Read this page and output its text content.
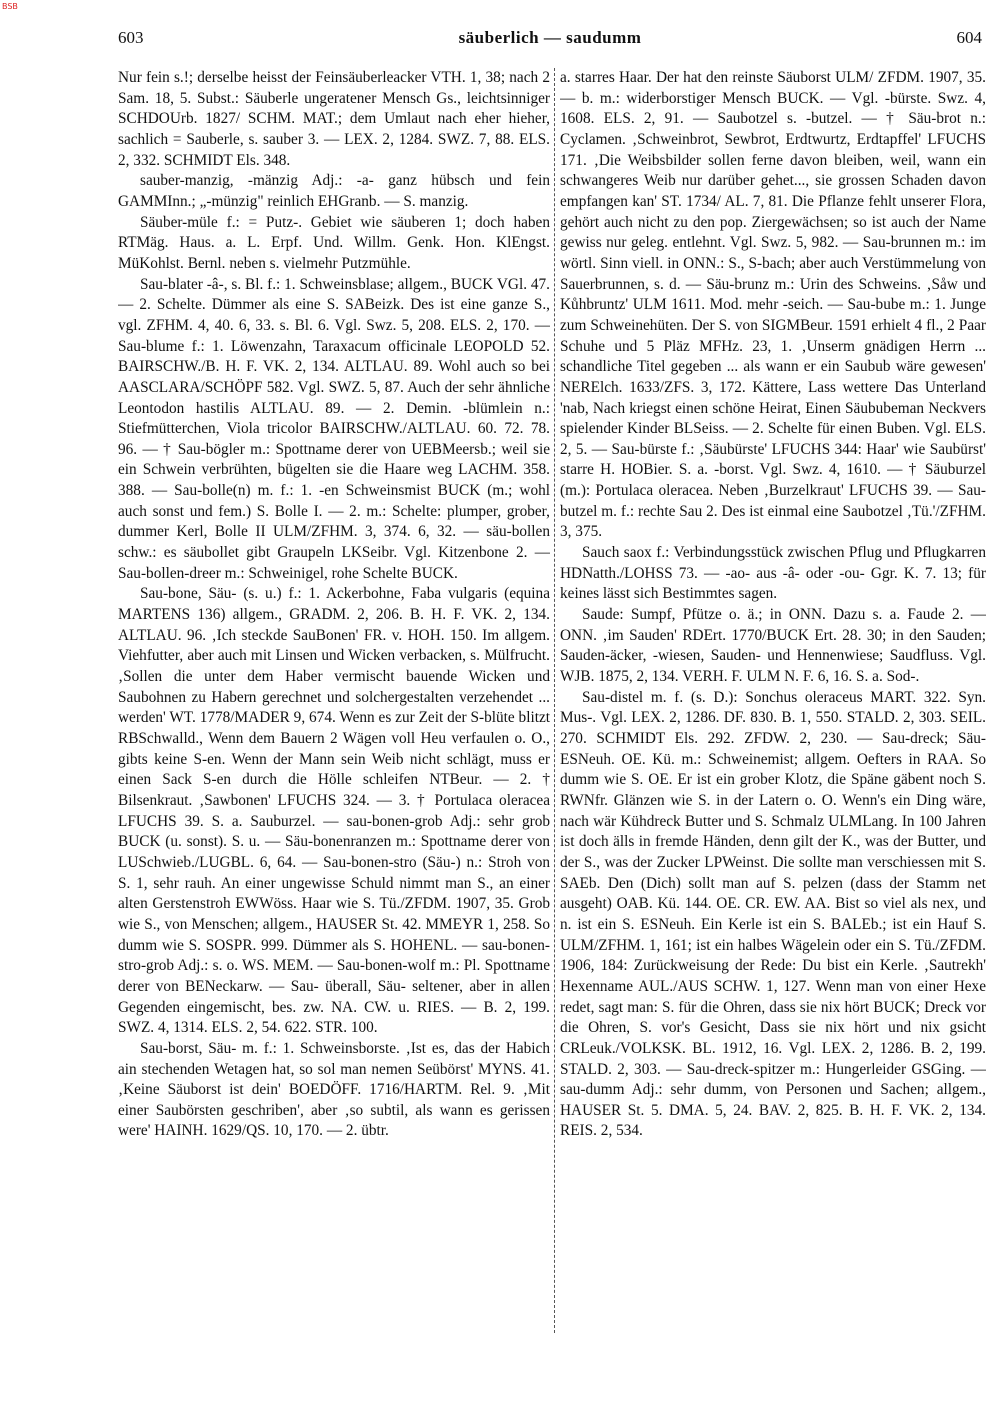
BSB
603	säuberlich — saudumm	604

Nur fein s.!; derselbe heisst der Feinsäuberleacker VTH. 1, 38; nach 2 Sam. 18, 5. Subst.: Säuberle ungeratener Mensch Gs., leichtsinniger SCHDOUrb. 1827/ SCHM. MAT.; dem Umlaut nach eher hieher, sachlich = Sauberle, s. sauber 3. — LEX. 2, 1284. SWZ. 7, 88. ELS. 2, 332. SCHMIDT Els. 348.

sauber-manzig, -mänzig Adj.: -a- ganz hübsch und fein GAMMInn.; „-münzig" reinlich EHGranb. — S. manzig.

Säuber-müle f.: = Putz-. Gebiet wie säuberen 1; doch haben RTMäg. Haus. a. L. Erpf. Und. Willm. Genk. Hon. KlEngst. MüKohlst. Bernl. neben s. vielmehr Putzmühle.

Sau-blater -â-, s. Bl. f.: 1. Schweinsblase; allgem., BUCK VGl. 47. — 2. Schelte. Dümmer als eine S. SABeizk. Des ist eine ganze S., vgl. ZFHM. 4, 40. 6, 33. s. Bl. 6. Vgl. Swz. 5, 208. ELS. 2, 170. — Sau-blume f.: 1. Löwenzahn, Taraxacum officinale LEOPOLD 52. BAIRSCHW./B. H. F. VK. 2, 134. ALTLAU. 89. Wohl auch so bei AASCLARA/SCHÖPF 582. Vgl. SWZ. 5, 87. Auch der sehr ähnliche Leontodon hastilis ALTLAU. 89. — 2. Demin. -blümlein n.: Stiefmütterchen, Viola tricolor BAIRSCHW./ALTLAU. 60. 72. 78. 96. — † Sau-bögler m.: Spottname derer von UEBMeersb.; weil sie ein Schwein verbrühten, bügelten sie die Haare weg LACHM. 358. 388. — Sau-bolle(n) m. f.: 1. -en Schweinsmist BUCK (m.; wohl auch sonst und fem.) S. Bolle I. — 2. m.: Schelte: plumper, grober, dummer Kerl, Bolle II ULM/ZFHM. 3, 374. 6, 32. — säu-bollen schw.: es säubollet gibt Graupeln LKSeibr. Vgl. Kitzenbone 2. — Sau-bollen-dreer m.: Schweinigel, rohe Schelte BUCK.

Sau-bone, Säu- (s. u.) f.: 1. Ackerbohne, Faba vulgaris (equina MARTENS 136) allgem., GRADM. 2, 206. B. H. F. VK. 2, 134. ALTLAU. 96. ‚Ich steckde SauBonen' FR. v. HOH. 150. Im allgem. Viehfutter, aber auch mit Linsen und Wicken verbacken, s. Mülfrucht. ‚Sollen die unter dem Haber vermischt bauende Wicken und Saubohnen zu Habern gerechnet und solchergestalten verzehendet ... werden' WT. 1778/MADER 9, 674. Wenn es zur Zeit der S-blüte blitzt RBSchwalld., Wenn dem Bauern 2 Wägen voll Heu verfaulen o. O., gibts keine S-en. Wenn der Mann sein Weib nicht schlägt, muss er einen Sack S-en durch die Hölle schleifen NTBeur. — 2. † Bilsenkraut. ‚Sawbonen' LFUCHS 324. — 3. † Portulaca oleracea LFUCHS 39. S. a. Sauburzel. — sau-bonen-grob Adj.: sehr grob BUCK (u. sonst). S. u. — Säu-bonenranzen m.: Spottname derer von LUSchwieb./LUGBL. 6, 64. — Sau-bonen-stro (Säu-) n.: Stroh von S. 1, sehr rauh. An einer ungewisse Schuld nimmt man S., an einer alten Gerstenstroh EWWöss. Haar wie S. Tü./ZFDM. 1907, 35. Grob wie S., von Menschen; allgem., HAUSER St. 42. MMEYR 1, 258. So dumm wie S. SOSPR. 999. Dümmer als S. HOHENL. — sau-bonen-stro-grob Adj.: s. o. WS. MEM. — Sau-bonen-wolf m.: Pl. Spottname derer von BENeckarw. — Sau- überall, Säu- seltener, aber in allen Gegenden eingemischt, bes. zw. NA. CW. u. RIES. — B. 2, 199. SWZ. 4, 1314. ELS. 2, 54. 622. STR. 100.

Sau-borst, Säu- m. f.: 1. Schweinsborste. ‚Ist es, das der Habich ain stechenden Wetagen hat, so sol man nemen Seübörst' MYNS. 41. ‚Keine Säuborst ist dein' BOEDÖFF. 1716/HARTM. Rel. 9. ‚Mit einer Saubörsten geschriben', aber ‚so subtil, als wann es gerissen were' HAINH. 1629/QS. 10, 170. — 2. übtr.

a. starres Haar. Der hat den reinste Säuborst ULM/ ZFDM. 1907, 35. — b. m.: widerborstiger Mensch BUCK. — Vgl. -bürste. Swz. 4, 1608. ELS. 2, 91. — Saubotzel s. -butzel. — † Säu-brot n.: Cyclamen. ‚Schweinbrot, Sewbrot, Erdtwurtz, Erdtapffel' LFUCHS 171. ‚Die Weibsbilder sollen ferne davon bleiben, weil, wann ein schwangeres Weib nur darüber gehet..., sie grossen Schaden davon empfangen kan' ST. 1734/ AL. 7, 81. Die Pflanze fehlt unserer Flora, gehört auch nicht zu den pop. Ziergewächsen; so ist auch der Name gewiss nur geleg. entlehnt. Vgl. Swz. 5, 982. — Sau-brunnen m.: im wörtl. Sinn viell. in ONN.: S., S-bach; aber auch Verstümmelung von Sauerbrunnen, s. d. — Säu-brunz m.: Urin des Schweins. ‚Såw und Kůhbruntz' ULM 1611. Mod. mehr -seich. — Sau-bube m.: 1. Junge zum Schweinehüten. Der S. von SIGMBeur. 1591 erhielt 4 fl., 2 Paar Schuhe und 5 Pläz MFHz. 23, 1. ‚Unserm gnädigen Herrn ... schandliche Titel gegeben ... als wann er ein Saubub wäre gewesen' NERElch. 1633/ZFS. 3, 172. Kättere, Lass wettere Das Unterland 'nab, Nach kriegst einen schöne Heirat, Einen Säububeman Neckvers spielender Kinder BLSeiss. — 2. Schelte für einen Buben. Vgl. ELS. 2, 5. — Sau-bürste f.: ‚Säubürste' LFUCHS 344: Haar' wie Saubürst' starre H. HOBier. S. a. -borst. Vgl. Swz. 4, 1610. — † Säuburzel (m.): Portulaca oleracea. Neben ‚Burzelkraut' LFUCHS 39. — Sau-butzel m. f.: rechte Sau 2. Des ist einmal eine Saubotzel ‚Tü.'/ZFHM. 3, 375.

Sauch saox f.: Verbindungsstück zwischen Pflug und Pflugkarren HDNatth./LOHSS 73. — -ao- aus -â- oder -ou- Ggr. K. 7. 13; für keines lässt sich Bestimmtes sagen.

Saude: Sumpf, Pfütze o. ä.; in ONN. Dazu s. a. Faude 2. — ONN. ‚im Sauden' RDErt. 1770/BUCK Ert. 28. 30; in den Sauden; Sauden-äcker, -wiesen, Sauden- und Hennenwiese; Saudfluss. Vgl. WJB. 1875, 2, 134. VERH. F. ULM N. F. 6, 16. S. a. Sod-.

Sau-distel m. f. (s. D.): Sonchus oleraceus MART. 322. Syn. Mus-. Vgl. LEX. 2, 1286. DF. 830. B. 1, 550. STALD. 2, 303. SEIL. 270. SCHMIDT Els. 292. ZFDW. 2, 230. — Sau-dreck; Säu- ESNeuh. OE. Kü. m.: Schweinemist; allgem. Oefters in RAA. So dumm wie S. OE. Er ist ein grober Klotz, die Späne gäbent noch S. RWNfr. Glänzen wie S. in der Latern o. O. Wenn's ein Ding wäre, nach wär Kühdreck Butter und S. Schmalz ULMLang. In 100 Jahren ist doch älls in fremde Händen, denn gilt der K., was der Butter, und der S., was der Zucker LPWeinst. Die sollte man verschiessen mit S. SAEb. Den (Dich) sollt man auf S. pelzen (dass der Stamm net ausgeht) OAB. Kü. 144. OE. CR. EW. AA. Bist so viel als nex, und n. ist ein S. ESNeuh. Ein Kerle ist ein S. BALEb.; ist ein Hauf S. ULM/ZFHM. 1, 161; ist ein halbes Wägelein oder ein S. Tü./ZFDM. 1906, 184: Zurückweisung der Rede: Du bist ein Kerle. ‚Sautrekh' Hexenname AUL./AUS SCHW. 1, 127. Wenn man von einer Hexe redet, sagt man: S. für die Ohren, dass sie nix hört BUCK; Dreck vor die Ohren, S. vor's Gesicht, Dass sie nix hört und nix gsicht CRLeuk./VOLKSK. BL. 1912, 16. Vgl. LEX. 2, 1286. B. 2, 199. STALD. 2, 303. — Sau-dreck-spitzer m.: Hungerleider GSGing. — sau-dumm Adj.: sehr dumm, von Personen und Sachen; allgem., HAUSER St. 5. DMA. 5, 24. BAV. 2, 825. B. H. F. VK. 2, 134. REIS. 2, 534.
